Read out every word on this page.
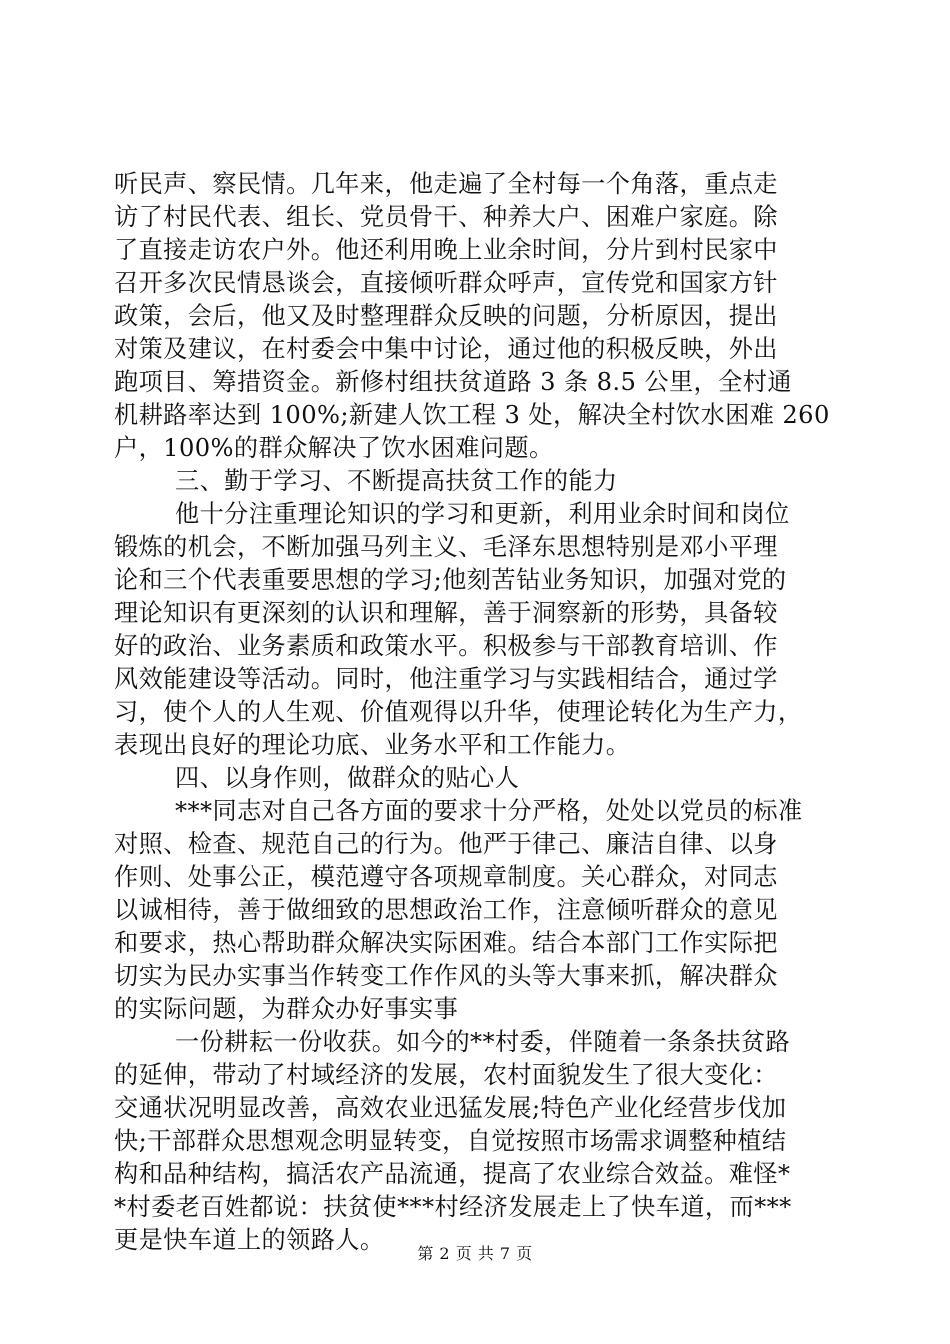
听民声、察民情。几年来，他走遍了全村每一个角落，重点走
访了村民代表、组长、党员骨干、种养大户、困难户家庭。除
了直接走访农户外。他还利用晚上业余时间，分片到村民家中
召开多次民情恳谈会，直接倾听群众呼声，宣传党和国家方针
政策，会后，他又及时整理群众反映的问题，分析原因，提出
对策及建议，在村委会中集中讨论，通过他的积极反映，外出
跑项目、筹措资金。新修村组扶贫道路 3 条 8.5 公里，全村通
机耕路率达到 100%;新建人饮工程 3 处，解决全村饮水困难 260
户，100%的群众解决了饮水困难问题。
三、勤于学习、不断提高扶贫工作的能力
他十分注重理论知识的学习和更新，利用业余时间和岗位
锻炼的机会，不断加强马列主义、毛泽东思想特别是邓小平理
论和三个代表重要思想的学习;他刻苦钻业务知识，加强对党的
理论知识有更深刻的认识和理解，善于洞察新的形势，具备较
好的政治、业务素质和政策水平。积极参与干部教育培训、作
风效能建设等活动。同时，他注重学习与实践相结合，通过学
习，使个人的人生观、价值观得以升华，使理论转化为生产力，
表现出良好的理论功底、业务水平和工作能力。
四、以身作则，做群众的贴心人
***同志对自己各方面的要求十分严格，处处以党员的标准
对照、检查、规范自己的行为。他严于律己、廉洁自律、以身
作则、处事公正，模范遵守各项规章制度。关心群众，对同志
以诚相待，善于做细致的思想政治工作，注意倾听群众的意见
和要求，热心帮助群众解决实际困难。结合本部门工作实际把
切实为民办实事当作转变工作作风的头等大事来抓，解决群众
的实际问题，为群众办好事实事
一份耕耘一份收获。如今的**村委，伴随着一条条扶贫路
的延伸，带动了村域经济的发展，农村面貌发生了很大变化：
交通状况明显改善，高效农业迅猛发展;特色产业化经营步伐加
快;干部群众思想观念明显转变，自觉按照市场需求调整种植结
构和品种结构，搞活农产品流通，提高了农业综合效益。难怪*
*村委老百姓都说：扶贫使***村经济发展走上了快车道，而***
更是快车道上的领路人。	第 2 页 共 7 页
